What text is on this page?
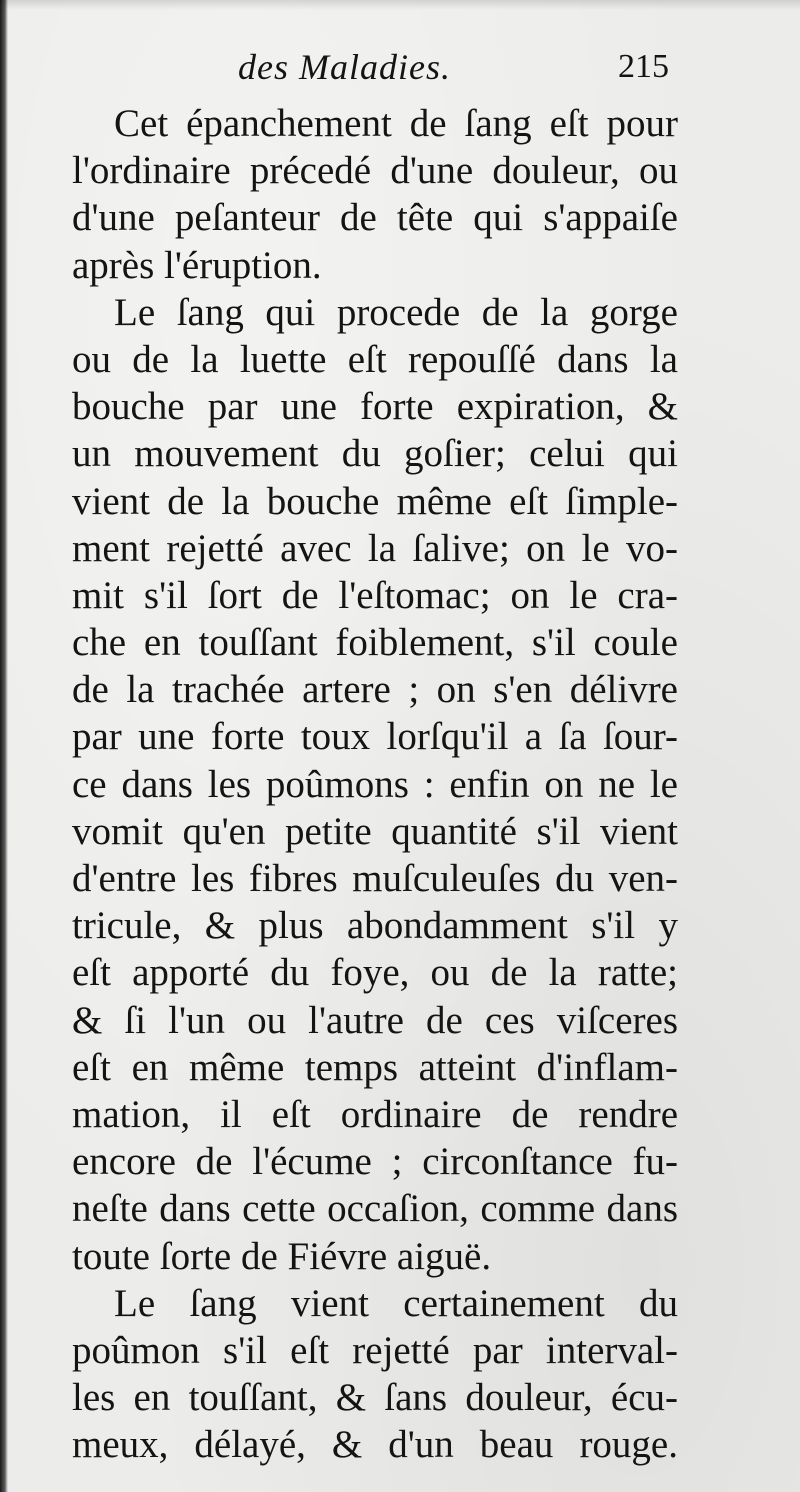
des Maladies.	215
Cet épanchement de ſang eſt pour
l'ordinaire précedé d'une douleur, ou
d'une peſanteur de tête qui s'appaiſe
après l'éruption.
Le ſang qui procede de la gorge
ou de la luette eſt repouſſé dans la
bouche par une forte expiration, &
un mouvement du goſier; celui qui
vient de la bouche même eſt ſimple-
ment rejetté avec la ſalive; on le vo-
mit s'il ſort de l'eſtomac; on le cra-
che en touſſant foiblement, s'il coule
de la trachée artere ; on s'en délivre
par une forte toux lorſqu'il a ſa ſour-
ce dans les poûmons : enfin on ne le
vomit qu'en petite quantité s'il vient
d'entre les fibres muſculeuſes du ven-
tricule, & plus abondamment s'il y
eſt apporté du foye, ou de la ratte;
& ſi l'un ou l'autre de ces viſceres
eſt en même temps atteint d'inflam-
mation, il eſt ordinaire de rendre
encore de l'écume ; circonſtance fu-
neſte dans cette occaſion, comme dans
toute ſorte de Fiévre aiguë.
Le ſang vient certainement du
poûmon s'il eſt rejetté par interval-
les en touſſant, & ſans douleur, écu-
meux, délayé, & d'un beau rouge.
